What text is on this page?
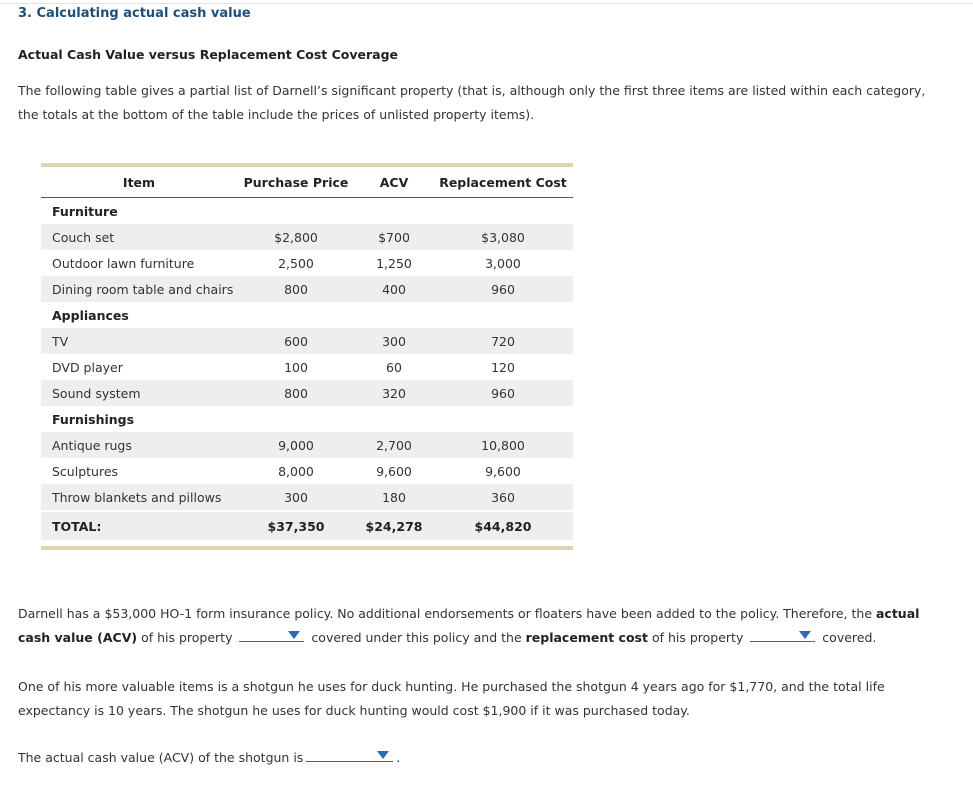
3. Calculating actual cash value
Actual Cash Value versus Replacement Cost Coverage
The following table gives a partial list of Darnell’s significant property (that is, although only the first three items are listed within each category, the totals at the bottom of the table include the prices of unlisted property items).
Item	Purchase Price	ACV	Replacement Cost
Furniture			
Couch set	$2,800	$700	$3,080
Outdoor lawn furniture	2,500	1,250	3,000
Dining room table and chairs	800	400	960
Appliances			
TV	600	300	720
DVD player	100	60	120
Sound system	800	320	960
Furnishings			
Antique rugs	9,000	2,700	10,800
Sculptures	8,000	9,600	9,600
Throw blankets and pillows	300	180	360

TOTAL:	$37,350	$24,278	$44,820
Darnell has a $53,000 HO-1 form insurance policy. No additional endorsements or floaters have been added to the policy. Therefore, the actual cash value (ACV) of his property	covered under this policy and the replacement cost of his property	covered.
One of his more valuable items is a shotgun he uses for duck hunting. He purchased the shotgun 4 years ago for $1,770, and the total life expectancy is 10 years. The shotgun he uses for duck hunting would cost $1,900 if it was purchased today.
The actual cash value (ACV) of the shotgun is	.
